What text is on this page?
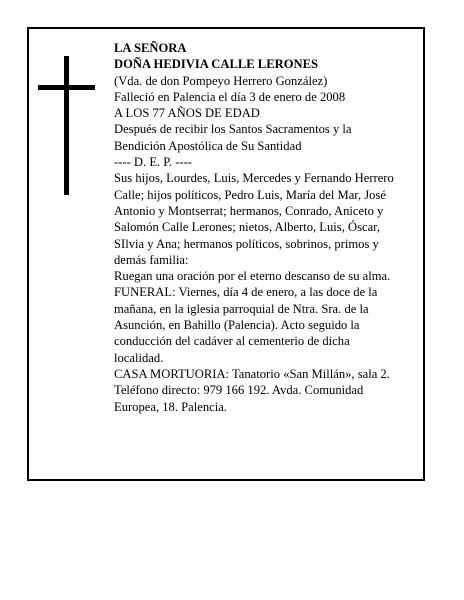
LA SEÑORA
DOÑA HEDIVIA CALLE LERONES
(Vda. de don Pompeyo Herrero González)
Falleció en Palencia el día 3 de enero de 2008
A LOS 77 AÑOS DE EDAD
Después de recibir los Santos Sacramentos y la
Bendición Apostólica de Su Santidad
---- D. E. P. ----
Sus hijos, Lourdes, Luis, Mercedes y Fernando Herrero
Calle; hijos políticos, Pedro Luis, María del Mar, José
Antonio y Montserrat; hermanos, Conrado, Aniceto y
Salomón Calle Lerones; nietos, Alberto, Luis, Óscar,
SIlvia y Ana; hermanos políticos, sobrinos, primos y
demás familia:
Ruegan una oración por el eterno descanso de su alma.
FUNERAL: Viernes, día 4 de enero, a las doce de la
mañana, en la iglesia parroquial de Ntra. Sra. de la
Asunción, en Bahillo (Palencia). Acto seguido la
conducción del cadáver al cementerio de dicha
localidad.
CASA MORTUORIA: Tanatorio «San Millán», sala 2.
Teléfono directo: 979 166 192. Avda. Comunidad
Europea, 18. Palencia.
